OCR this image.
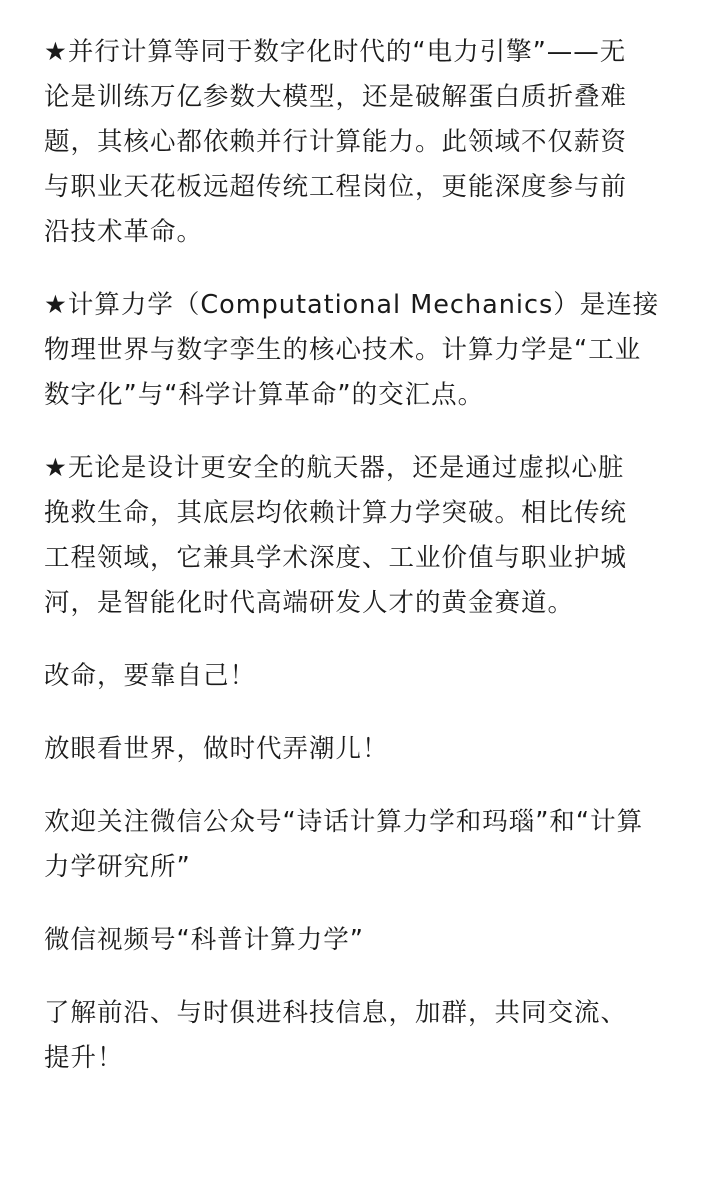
★并行计算等同于数字化时代的“电力引擎”——无
论是训练万亿参数大模型，还是破解蛋白质折叠难
题，其核心都依赖并行计算能力。此领域不仅薪资
与职业天花板远超传统工程岗位，更能深度参与前
沿技术革命。

★计算力学（Computational Mechanics）是连接
物理世界与数字孪生的核心技术。计算力学是“工业
数字化”与“科学计算革命”的交汇点。

★无论是设计更安全的航天器，还是通过虚拟心脏
挽救生命，其底层均依赖计算力学突破。相比传统
工程领域，它兼具学术深度、工业价值与职业护城
河，是智能化时代高端研发人才的黄金赛道。

改命，要靠自己！

放眼看世界，做时代弄潮儿！

欢迎关注微信公众号“诗话计算力学和玛瑙”和“计算
力学研究所”

微信视频号“科普计算力学”

了解前沿、与时俱进科技信息，加群，共同交流、
提升！
